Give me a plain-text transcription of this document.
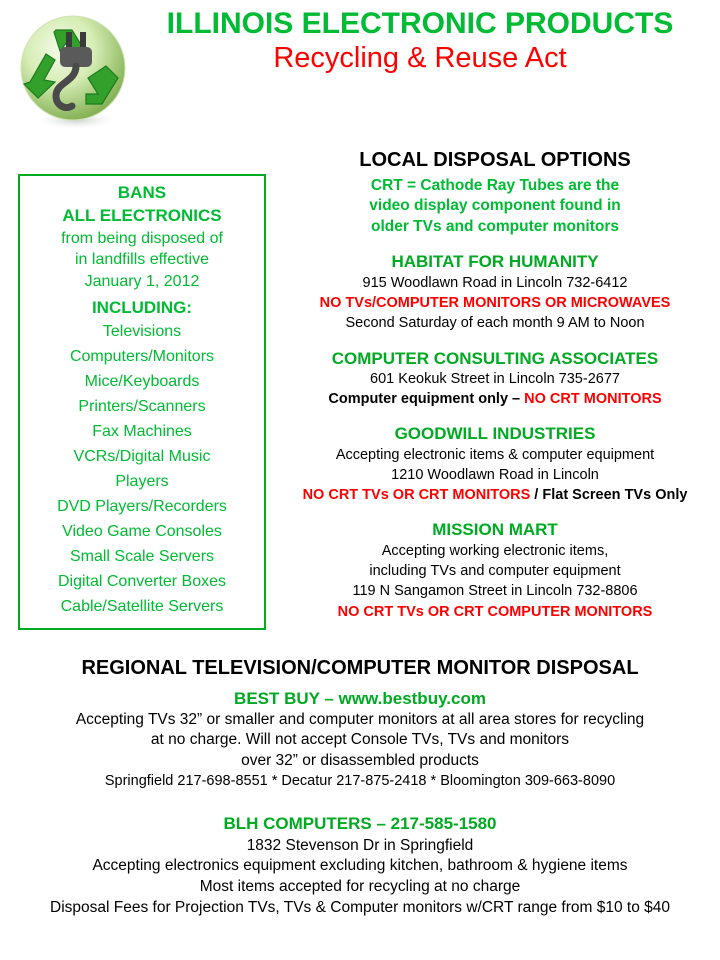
ILLINOIS ELECTRONIC PRODUCTS
Recycling & Reuse Act
BANS
ALL ELECTRONICS
from being disposed of
in landfills effective
January 1, 2012
INCLUDING:
Televisions
Computers/Monitors
Mice/Keyboards
Printers/Scanners
Fax Machines
VCRs/Digital Music
Players
DVD Players/Recorders
Video Game Consoles
Small Scale Servers
Digital Converter Boxes
Cable/Satellite Servers
LOCAL DISPOSAL OPTIONS
CRT = Cathode Ray Tubes are the
video display component found in
older TVs and computer monitors
HABITAT FOR HUMANITY
915 Woodlawn Road in Lincoln 732-6412
NO TVs/COMPUTER MONITORS OR MICROWAVES
Second Saturday of each month 9 AM to Noon
COMPUTER CONSULTING ASSOCIATES
601 Keokuk Street in Lincoln 735-2677
Computer equipment only – NO CRT MONITORS
GOODWILL INDUSTRIES
Accepting electronic items & computer equipment
1210 Woodlawn Road in Lincoln
NO CRT TVs OR CRT MONITORS / Flat Screen TVs Only
MISSION MART
Accepting working electronic items,
including TVs and computer equipment
119 N Sangamon Street in Lincoln 732-8806
NO CRT TVs OR CRT COMPUTER MONITORS
REGIONAL TELEVISION/COMPUTER MONITOR DISPOSAL
BEST BUY – www.bestbuy.com
Accepting TVs 32” or smaller and computer monitors at all area stores for recycling
at no charge. Will not accept Console TVs, TVs and monitors
over 32” or disassembled products
Springfield 217-698-8551 * Decatur 217-875-2418 * Bloomington 309-663-8090
BLH COMPUTERS – 217-585-1580
1832 Stevenson Dr in Springfield
Accepting electronics equipment excluding kitchen, bathroom & hygiene items
Most items accepted for recycling at no charge
Disposal Fees for Projection TVs, TVs & Computer monitors w/CRT range from $10 to $40
